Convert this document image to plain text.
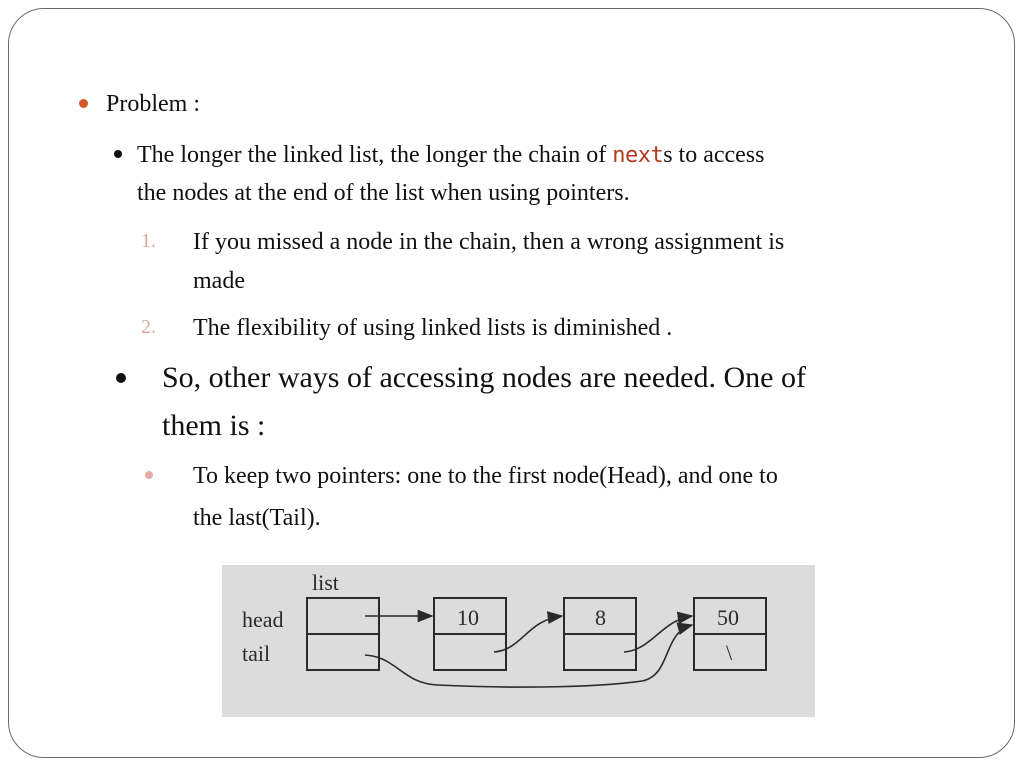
Problem :

The longer the linked list, the longer the chain of nexts to access

the nodes at the end of the list when using pointers.

1. If you missed a node in the chain, then a wrong assignment is

made

2. The flexibility of using linked lists is diminished .

So, other ways of accessing nodes are needed. One of

them is :

To keep two pointers: one to the first node(Head), and one to

the last(Tail).

list
head
tail
10	8	50
\
